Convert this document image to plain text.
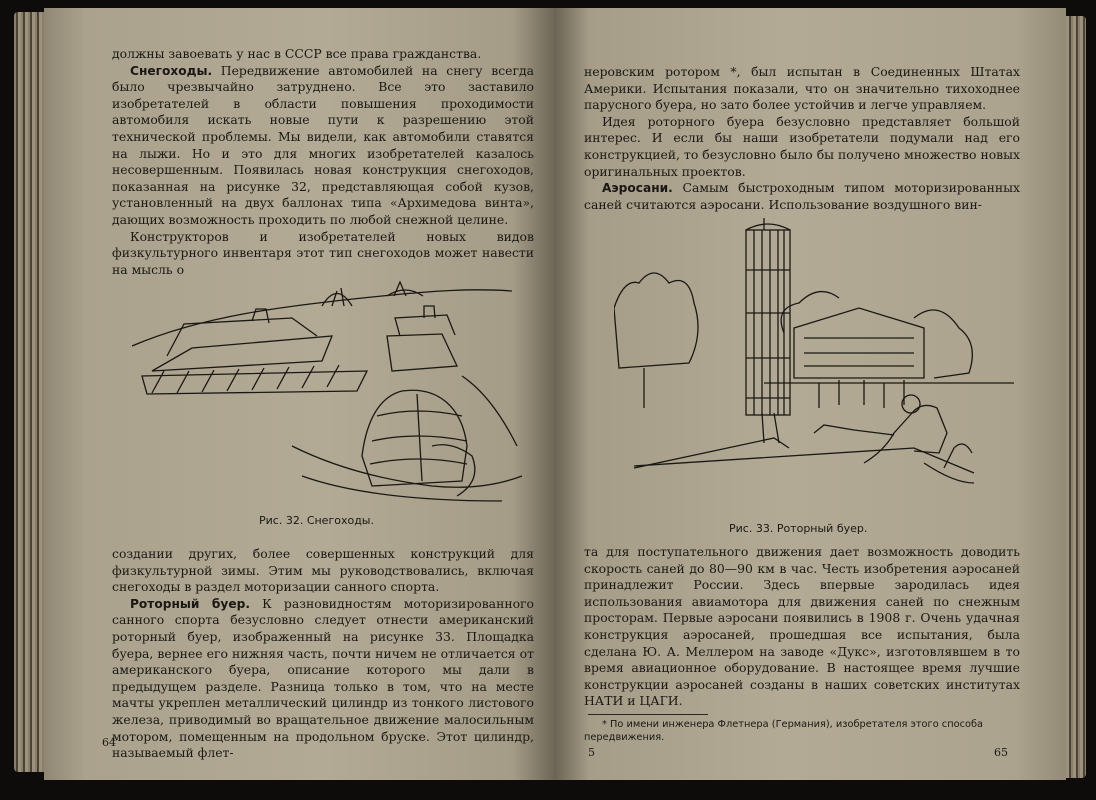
должны завоевать у нас в СССР все права гражданства.

Снегоходы. Передвижение автомобилей на снегу всегда было чрезвычайно затруднено. Все это заставило изобретателей в области повышения проходимости автомобиля искать новые пути к разрешению этой технической проблемы. Мы видели, как автомобили ставятся на лыжи. Но и это для многих изобретателей казалось несовершенным. Появилась новая конструкция снегоходов, показанная на рисунке 32, представляющая собой кузов, установленный на двух баллонах типа «Архимедова винта», дающих возможность проходить по любой снежной целине.

Конструкторов и изобретателей новых видов физкультурного инвентаря этот тип снегоходов может навести на мысль о

Рис. 32. Снегоходы.

создании других, более совершенных конструкций для физкультурной зимы. Этим мы руководствовались, включая снегоходы в раздел моторизации санного спорта.

Роторный буер. К разновидностям моторизированного санного спорта безусловно следует отнести американский роторный буер, изображенный на рисунке 33. Площадка буера, вернее его нижняя часть, почти ничем не отличается от американского буера, описание которого мы дали в предыдущем разделе. Разница только в том, что на месте мачты укреплен металлический цилиндр из тонкого листового железа, приводимый во вращательное движение малосильным мотором, помещенным на продольном бруске. Этот цилиндр, называемый флет-

64

неровским ротором *, был испытан в Соединенных Штатах Америки. Испытания показали, что он значительно тихоходнее парусного буера, но зато более устойчив и легче управляем.

Идея роторного буера безусловно представляет большой интерес. И если бы наши изобретатели подумали над его конструкцией, то безусловно было бы получено множество новых оригинальных проектов.

Аэросани. Самым быстроходным типом моторизированных саней считаются аэросани. Использование воздушного вин-

Рис. 33. Роторный буер.

та для поступательного движения дает возможность доводить скорость саней до 80—90 км в час. Честь изобретения аэросаней принадлежит России. Здесь впервые зародилась идея использования авиамотора для движения саней по снежным просторам. Первые аэросани появились в 1908 г. Очень удачная конструкция аэросаней, прошедшая все испытания, была сделана Ю. А. Меллером на заводе «Дукс», изготовлявшем в то время авиационное оборудование. В настоящее время лучшие конструкции аэросаней созданы в наших советских институтах НАТИ и ЦАГИ.

* По имени инженера Флетнера (Германия), изобретателя этого способа передвижения.
5	65
